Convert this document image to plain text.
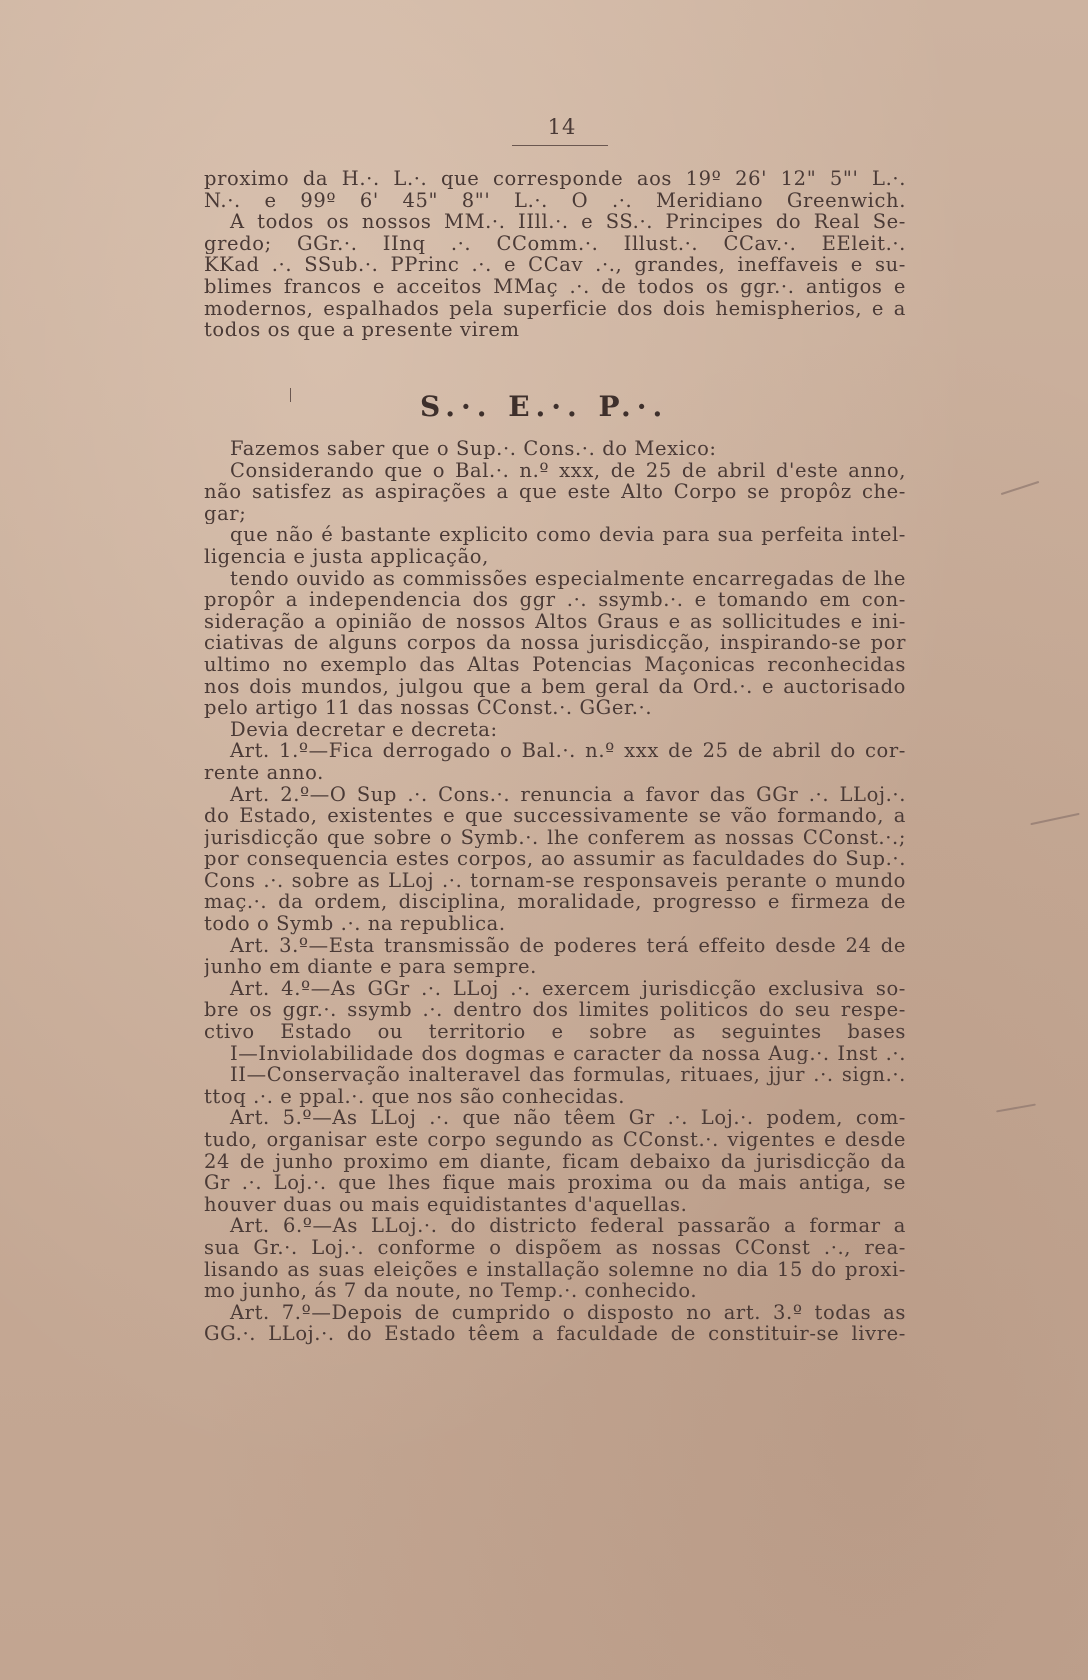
14
proximo da H.·. L.·. que corresponde aos 19º 26' 12" 5"' L.·.
N.·. e 99º 6' 45" 8"' L.·. O .·. Meridiano Greenwich.
A todos os nossos MM.·. IIll.·. e SS.·. Principes do Real Se-
gredo; GGr.·. IInq .·. CComm.·. Illust.·. CCav.·. EEleit.·.
KKad .·. SSub.·. PPrinc .·. e CCav .·., grandes, ineffaveis e su-
blimes francos e acceitos MMaç .·. de todos os ggr.·. antigos e
modernos, espalhados pela superficie dos dois hemispherios, e a
todos os que a presente virem
S.·. E.·. P.·.
Fazemos saber que o Sup.·. Cons.·. do Mexico:
Considerando que o Bal.·. n.º xxx, de 25 de abril d'este anno,
não satisfez as aspirações a que este Alto Corpo se propôz che-
gar;
que não é bastante explicito como devia para sua perfeita intel-
ligencia e justa applicação,
tendo ouvido as commissões especialmente encarregadas de lhe
propôr a independencia dos ggr .·. ssymb.·. e tomando em con-
sideração a opinião de nossos Altos Graus e as sollicitudes e ini-
ciativas de alguns corpos da nossa jurisdicção, inspirando-se por
ultimo no exemplo das Altas Potencias Maçonicas reconhecidas
nos dois mundos, julgou que a bem geral da Ord.·. e auctorisado
pelo artigo 11 das nossas CConst.·. GGer.·.
Devia decretar e decreta:
Art. 1.º—Fica derrogado o Bal.·. n.º xxx de 25 de abril do cor-
rente anno.
Art. 2.º—O Sup .·. Cons.·. renuncia a favor das GGr .·. LLoj.·.
do Estado, existentes e que successivamente se vão formando, a
jurisdicção que sobre o Symb.·. lhe conferem as nossas CConst.·.;
por consequencia estes corpos, ao assumir as faculdades do Sup.·.
Cons .·. sobre as LLoj .·. tornam-se responsaveis perante o mundo
maç.·. da ordem, disciplina, moralidade, progresso e firmeza de
todo o Symb .·. na republica.
Art. 3.º—Esta transmissão de poderes terá effeito desde 24 de
junho em diante e para sempre.
Art. 4.º—As GGr .·. LLoj .·. exercem jurisdicção exclusiva so-
bre os ggr.·. ssymb .·. dentro dos limites politicos do seu respe-
ctivo Estado ou territorio e sobre as seguintes bases
I—Inviolabilidade dos dogmas e caracter da nossa Aug.·. Inst .·.
II—Conservação inalteravel das formulas, rituaes, jjur .·. sign.·.
ttoq .·. e ppal.·. que nos são conhecidas.
Art. 5.º—As LLoj .·. que não têem Gr .·. Loj.·. podem, com-
tudo, organisar este corpo segundo as CConst.·. vigentes e desde
24 de junho proximo em diante, ficam debaixo da jurisdicção da
Gr .·. Loj.·. que lhes fique mais proxima ou da mais antiga, se
houver duas ou mais equidistantes d'aquellas.
Art. 6.º—As LLoj.·. do districto federal passarão a formar a
sua Gr.·. Loj.·. conforme o dispõem as nossas CConst .·., rea-
lisando as suas eleições e installação solemne no dia 15 do proxi-
mo junho, ás 7 da noute, no Temp.·. conhecido.
Art. 7.º—Depois de cumprido o disposto no art. 3.º todas as
GG.·. LLoj.·. do Estado têem a faculdade de constituir-se livre-
